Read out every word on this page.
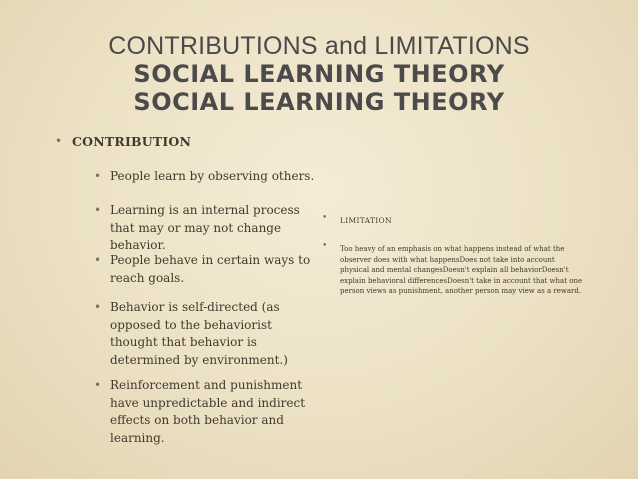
CONTRIBUTIONS and LIMITATIONS
SOCIAL LEARNING THEORY
SOCIAL LEARNING THEORY
• CONTRIBUTION
• People learn by observing others.
• Learning is an internal process that may or may not change behavior.
• People behave in certain ways to reach goals.
• Behavior is self-directed (as opposed to the behaviorist thought that behavior is determined by environment.)
• Reinforcement and punishment have unpredictable and indirect effects on both behavior and learning.
• LIMITATION
• Too heavy of an emphasis on what happens instead of what the observer does with what happensDoes not take into account physical and mental changesDoesn't explain all behaviorDoesn't explain behavioral differencesDoesn't take in account that what one person views as punishment, another person may view as a reward.
